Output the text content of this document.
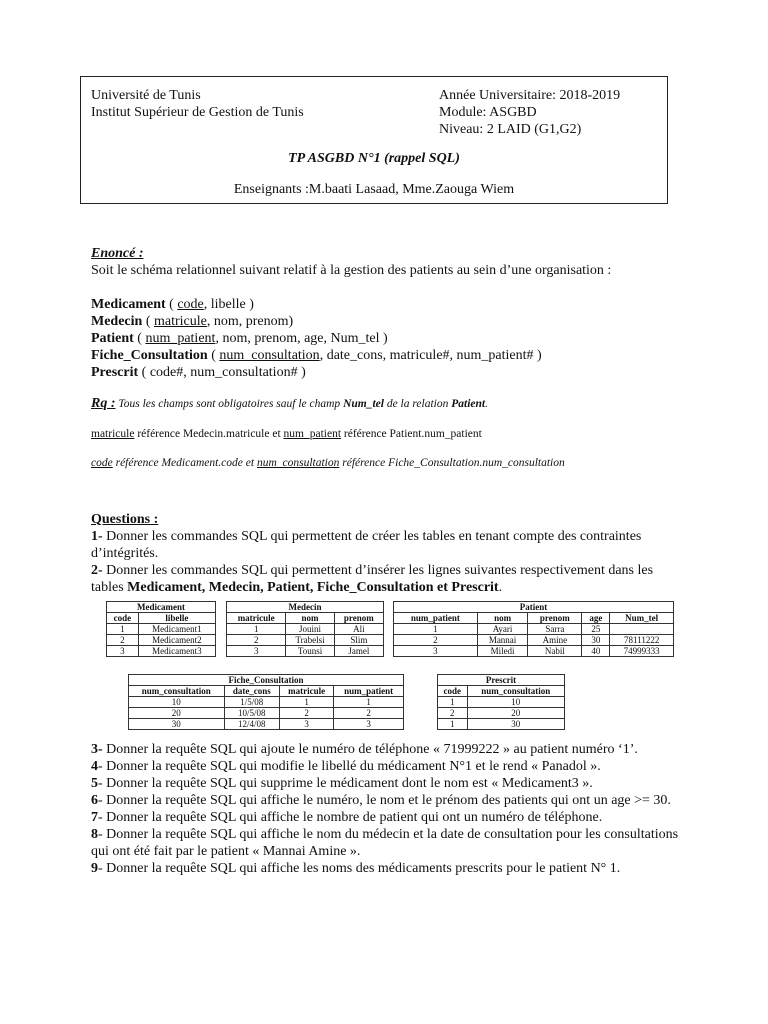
Université de Tunis
Institut Supérieur de Gestion de Tunis
Année Universitaire: 2018-2019
Module: ASGBD
Niveau: 2 LAID (G1,G2)
TP ASGBD N°1 (rappel SQL)
Enseignants :M.baati Lasaad, Mme.Zaouga Wiem
Enoncé :
Soit le schéma relationnel suivant relatif à la gestion des patients au sein d’une organisation :
Medicament ( code, libelle )
Medecin ( matricule, nom, prenom)
Patient ( num_patient, nom, prenom, age, Num_tel )
Fiche_Consultation ( num_consultation, date_cons, matricule#, num_patient# )
Prescrit ( code#, num_consultation# )
Rq : Tous les champs sont obligatoires sauf le champ Num_tel de la relation Patient.
matricule référence Medecin.matricule et num_patient référence Patient.num_patient
code référence Medicament.code et num_consultation référence Fiche_Consultation.num_consultation
Questions :
1- Donner les commandes SQL qui permettent de créer les tables en tenant compte des contraintes d’intégrités.
2- Donner les commandes SQL qui permettent d’insérer les lignes suivantes respectivement dans les tables Medicament, Medecin, Patient, Fiche_Consultation et Prescrit.
Medicament	
code	libelle
1	Medicament1
2	Medicament2
3	Medicament3
Medecin		
matricule	nom	prenom
1	Jouini	Ali
2	Trabelsi	Slim
3	Tounsi	Jamel
Patient				
num_patient	nom	prenom	age	Num_tel
1	Ayari	Sarra	25	
2	Mannai	Amine	30	78111222
3	Miledi	Nabil	40	74999333
Fiche_Consultation			
num_consultation	date_cons	matricule	num_patient
10	1/5/08	1	1
20	10/5/08	2	2
30	12/4/08	3	3
Prescrit	
code	num_consultation
1	10
2	20
1	30
3- Donner la requête SQL qui ajoute le numéro de téléphone « 71999222 » au patient numéro ‘1’.
4- Donner la requête SQL qui modifie le libellé du médicament N°1 et le rend « Panadol ».
5- Donner la requête SQL qui supprime le médicament dont le nom est « Medicament3 ».
6- Donner la requête SQL qui affiche le numéro, le nom et le prénom des patients qui ont un age >= 30.
7- Donner la requête SQL qui affiche le nombre de patient qui ont un numéro de téléphone.
8- Donner la requête SQL qui affiche le nom du médecin et la date de consultation pour les consultations qui ont été fait par le patient « Mannai Amine ».
9- Donner la requête SQL qui affiche les noms des médicaments prescrits pour le patient N° 1.
